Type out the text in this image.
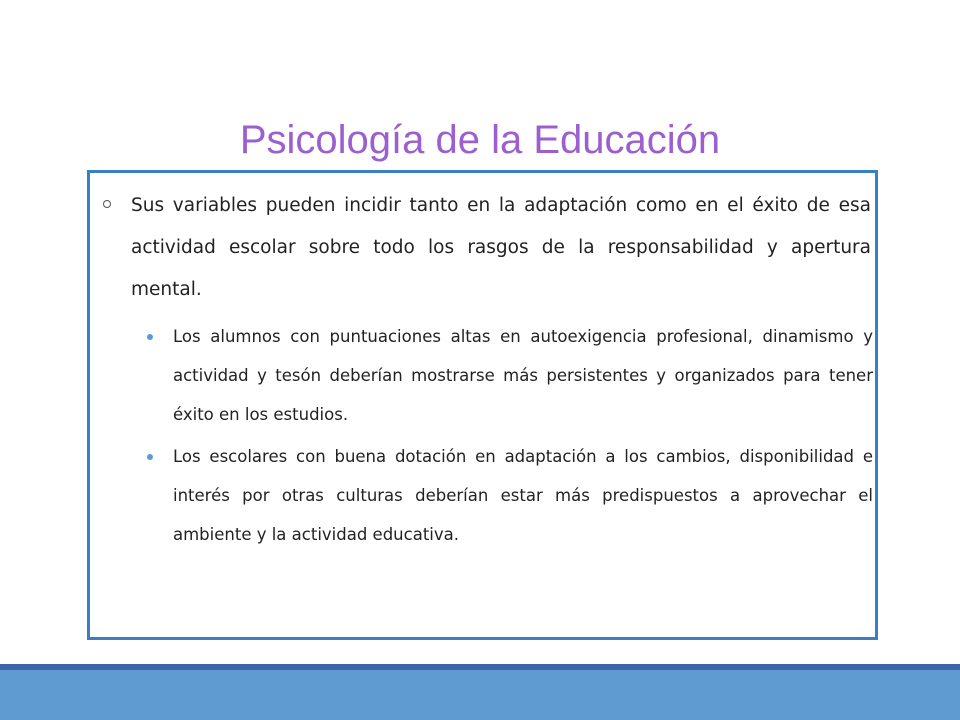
Psicología de la Educación
Sus variables pueden incidir tanto en la adaptación como en el éxito de esa actividad escolar sobre todo los rasgos de la responsabilidad y apertura mental.
Los alumnos con puntuaciones altas en autoexigencia profesional, dinamismo y actividad y tesón deberían mostrarse más persistentes y organizados para tener éxito en los estudios.
Los escolares con buena dotación en adaptación a los cambios, disponibilidad e interés por otras culturas deberían estar más predispuestos a aprovechar el ambiente y la actividad educativa.
